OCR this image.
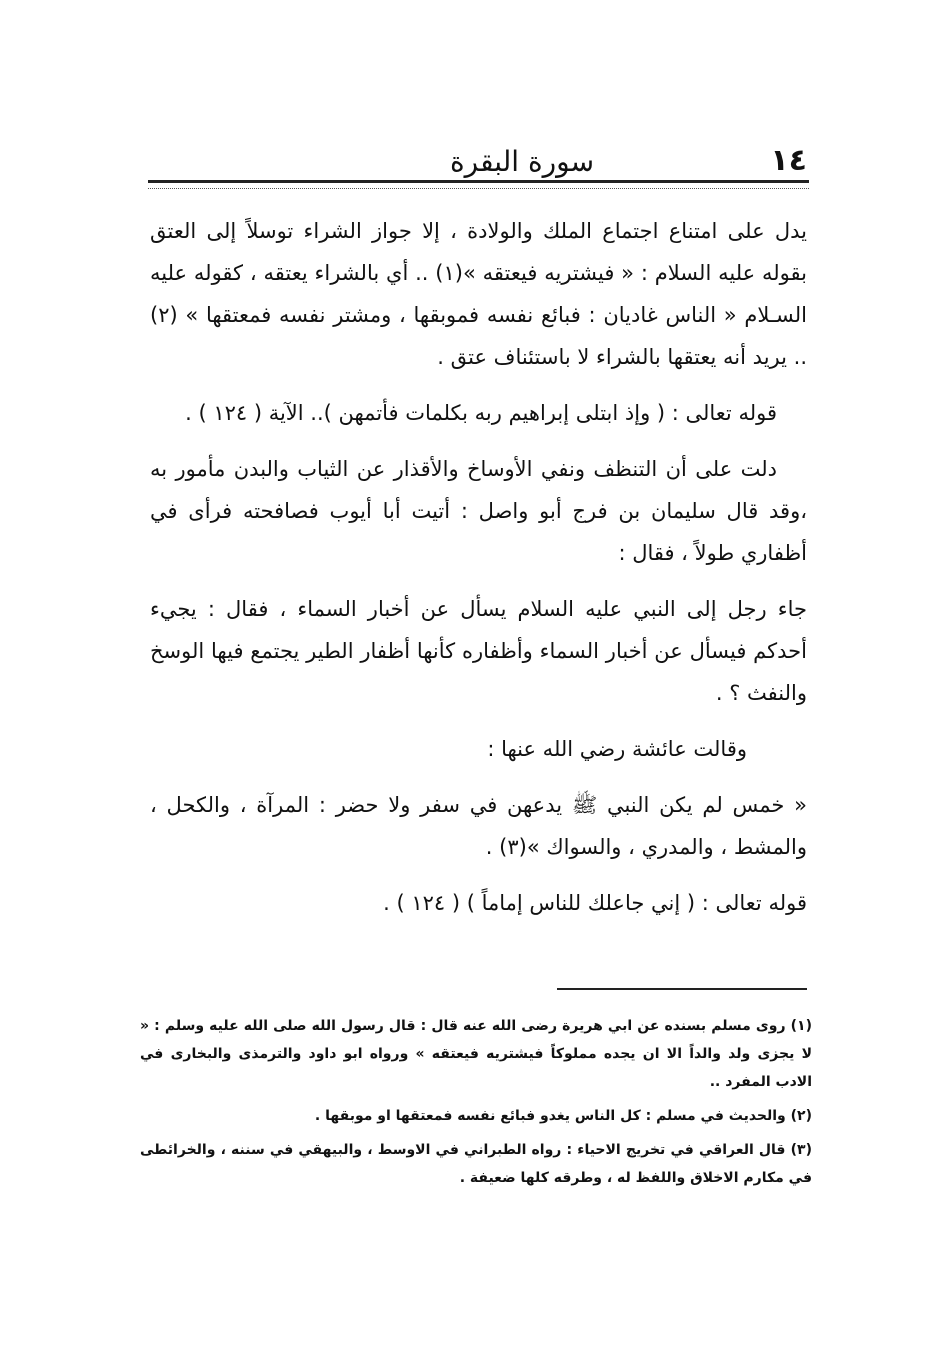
١٤
سورة البقرة

يدل على امتناع اجتماع الملك والولادة ، إلا جواز الشراء توسلاً إلى العتق بقوله عليه السلام : « فيشتريه فيعتقه »(١) .. أي بالشراء يعتقه ، كقوله عليه السـلام « الناس غاديان : فبائع نفسه فموبقها ، ومشتر نفسه فمعتقها » (٢) .. يريد أنه يعتقها بالشراء لا باستئناف عتق .

قوله تعالى : ( وإذ ابتلى إبراهيم ربه بكلمات فأتمهن ).. الآية ( ١٢٤ ) .

دلت على أن التنظف ونفي الأوساخ والأقذار عن الثياب والبدن مأمور به ،وقد قال سليمان بن فرج أبو واصل : أتيت أبا أيوب فصافحته فرأى في أظفاري طولاً ، فقال :

جاء رجل إلى النبي عليه السلام يسأل عن أخبار السماء ، فقال : يجيء أحدكم فيسأل عن أخبار السماء وأظفاره كأنها أظفار الطير يجتمع فيها الوسخ والنفث ؟ .

وقالت عائشة رضي الله عنها :

« خمس لم يكن النبي ﷺ يدعهن في سفر ولا حضر : المرآة ، والكحل ، والمشط ، والمدري ، والسواك »(٣) .

قوله تعالى : ( إني جاعلك للناس إماماً ) ( ١٢٤ ) .

(١) روى مسلم بسنده عن ابي هريرة رضى الله عنه قال : قال رسول الله صلى الله عليه وسلم : « لا يجزى ولد والداً الا ان يجده مملوكاً فيشتريه فيعتقه » ورواه ابو داود والترمذى والبخارى في الادب المفرد ..

(٢) والحديث في مسلم : كل الناس يغدو فبائع نفسه فمعتقها او موبقها .

(٣) قال العراقي في تخريج الاحياء : رواه الطبراني في الاوسط ، والبيهقي في سننه ، والخرائطى في مكارم الاخلاق واللفظ له ، وطرقه كلها ضعيفة .
